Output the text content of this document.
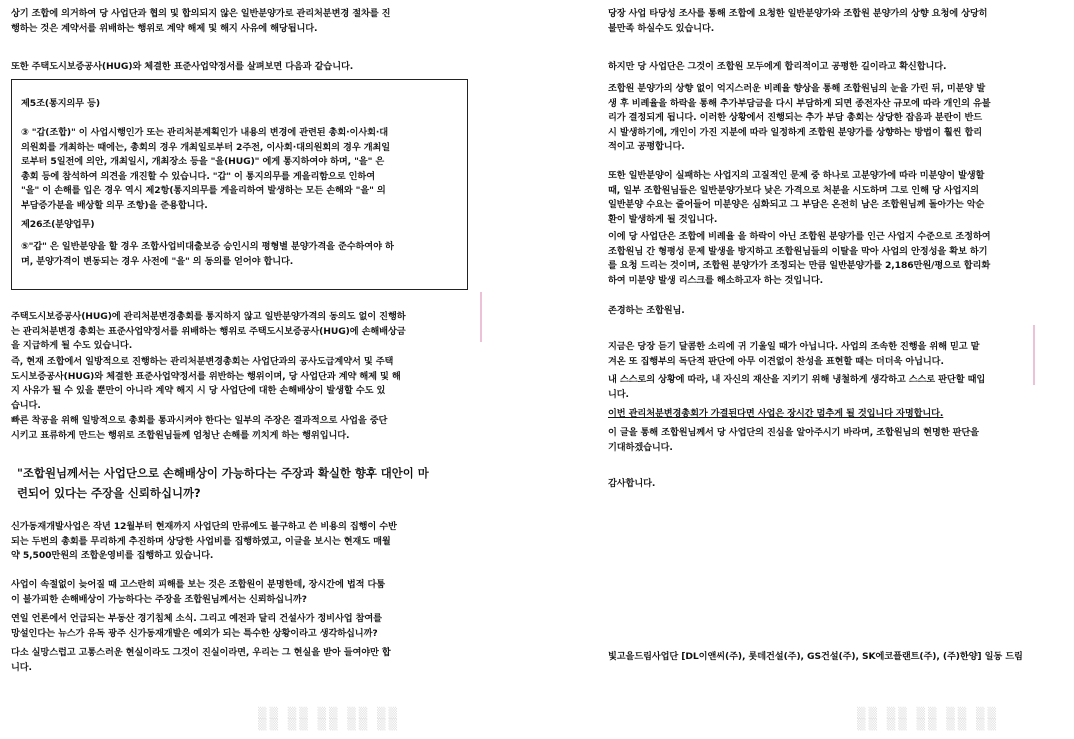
상기 조합에 의거하여 당 사업단과 협의 및 합의되지 않은 일반분양가로 관리처분변경 절차를 진
행하는 것은 계약서를 위배하는 행위로 계약 해제 및 해지 사유에 해당됩니다.
또한 주택도시보증공사(HUG)와 체결한 표준사업약정서를 살펴보면 다음과 같습니다.
제5조(통지의무 등)
③ "갑(조합)" 이 사업시행인가 또는 관리처분계획인가 내용의 변경에 관련된 총회·이사회·대
의원회를 개최하는 때에는, 총회의 경우 개최일로부터 2주전, 이사회·대의원회의 경우 개최일
로부터 5일전에 의안, 개최일시, 개최장소 등을 "을(HUG)" 에게 통지하여야 하며, "을" 은
총회 등에 참석하여 의견을 개진할 수 있습니다. "갑" 이 통지의무를 게을리함으로 인하여
"을" 이 손해를 입은 경우 역시 제2항(통지의무를 게을리하여 발생하는 모든 손해와 "을" 의
부담증가분을 배상할 의무 조항)을 준용합니다.
제26조(분양업무)
⑤"갑" 은 일반분양을 할 경우 조합사업비대출보증 승인시의 평형별 분양가격을 준수하여야 하
며, 분양가격이 변동되는 경우 사전에 "을" 의 동의를 얻어야 합니다.
주택도시보증공사(HUG)에 관리처분변경총회를 통지하지 않고 일반분양가격의 동의도 없이 진행하
는 관리처분변경 총회는 표준사업약정서를 위배하는 행위로 주택도시보증공사(HUG)에 손해배상금
을 지급하게 될 수도 있습니다.
즉, 현재 조합에서 일방적으로 진행하는 관리처분변경총회는 사업단과의 공사도급계약서 및 주택
도시보증공사(HUG)와 체결한 표준사업약정서를 위반하는 행위이며, 당 사업단과 계약 해제 및 해
지 사유가 될 수 있을 뿐만이 아니라 계약 해지 시 당 사업단에 대한 손해배상이 발생할 수도 있
습니다.
빠른 착공을 위해 일방적으로 총회를 통과시켜야 한다는 일부의 주장은 결과적으로 사업을 중단
시키고 표류하게 만드는 행위로 조합원님들께 엄청난 손해를 끼치게 하는 행위입니다.
"조합원님께서는 사업단으로 손해배상이 가능하다는 주장과 확실한 향후 대안이 마
련되어 있다는 주장을 신뢰하십니까?
신가동재개발사업은 작년 12월부터 현재까지 사업단의 만류에도 불구하고 쓴 비용의 집행이 수반
되는 두번의 총회를 무리하게 추진하며 상당한 사업비를 집행하였고, 이글을 보시는 현재도 매월
약 5,500만원의 조합운영비를 집행하고 있습니다.
사업이 속절없이 늦어질 때 고스란히 피해를 보는 것은 조합원이 분명한데, 장시간에 법적 다툼
이 불가피한 손해배상이 가능하다는 주장을 조합원님께서는 신뢰하십니까?
연일 언론에서 언급되는 부동산 경기침체 소식. 그리고 예전과 달리 건설사가 정비사업 참여를
망설인다는 뉴스가 유독 광주 신가동재개발은 예외가 되는 특수한 상황이라고 생각하십니까?
다소 실망스럽고 고통스러운 현실이라도 그것이 진실이라면, 우리는 그 현실을 받아 들여야만 합
니다.
▒▒ ▒▒ ▒▒ ▒▒ ▒▒
▒▒ ▒▒ ▒▒ ▒▒ ▒▒
당장 사업 타당성 조사를 통해 조합에 요청한 일반분양가와 조합원 분양가의 상향 요청에 상당히
불만족 하실수도 있습니다.
하지만 당 사업단은 그것이 조합원 모두에게 합리적이고 공평한 길이라고 확신합니다.
조합원 분양가의 상향 없이 억지스러운 비례율 향상을 통해 조합원님의 눈을 가린 뒤, 미분양 발
생 후 비례율을 하락을 통해 추가부담금을 다시 부담하게 되면 종전자산 규모에 따라 개인의 유불
리가 결정되게 됩니다. 이러한 상황에서 진행되는 추가 부담 총회는 상당한 잡음과 분란이 반드
시 발생하기에, 개인이 가진 지분에 따라 일정하게 조합원 분양가를 상향하는 방법이 훨씬 합리
적이고 공평합니다.
또한 일반분양이 실패하는 사업지의 고질적인 문제 중 하나로 고분양가에 따라 미분양이 발생할
때, 일부 조합원님들은 일반분양가보다 낮은 가격으로 처분을 시도하며 그로 인해 당 사업지의
일반분양 수요는 줄어들어 미분양은 심화되고 그 부담은 온전히 남은 조합원님께 돌아가는 악순
환이 발생하게 될 것입니다.
이에 당 사업단은 조합에 비례율 을 하락이 아닌 조합원 분양가를 인근 사업지 수준으로 조정하여
조합원님 간 형평성 문제 발생을 방지하고 조합원님들의 이탈을 막아 사업의 안정성을 확보 하기
를 요청 드리는 것이며, 조합원 분양가가 조정되는 만큼 일반분양가를 2,186만원/평으로 합리화
하여 미분양 발생 리스크를 해소하고자 하는 것입니다.
존경하는 조합원님.
지금은 당장 듣기 달콤한 소리에 귀 기울일 때가 아닙니다. 사업의 조속한 진행을 위해 믿고 맡
겨온 또 집행부의 독단적 판단에 아무 이견없이 찬성을 표현할 때는 더더욱 아닙니다.
내 스스로의 상황에 따라, 내 자신의 재산을 지키기 위해 냉철하게 생각하고 스스로 판단할 때입
니다.
이번 관리처분변경총회가 가결된다면 사업은 장시간 멈추게 될 것입니다 자명합니다.
이 글을 통해 조합원님께서 당 사업단의 진심을 알아주시기 바라며, 조합원님의 현명한 판단을
기대하겠습니다.
감사합니다.
빛고을드림사업단 [DL이앤씨(주), 롯데건설(주), GS건설(주), SK에코플랜트(주), (주)한양] 일동 드림
▒▒ ▒▒ ▒▒ ▒▒ ▒▒
▒▒ ▒▒ ▒▒ ▒▒ ▒▒
